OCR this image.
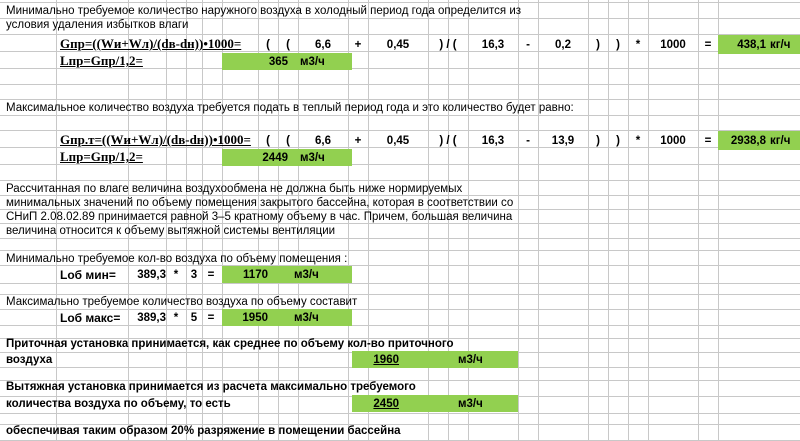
Минимально требуемое количество наружного воздуха в холодный период года определится из условия удаления избытков влаги
Gпр=((Wи+Wл)/(dв-dн))•1000=	(	(	6,6	+	0,45	) / (	16,3	-	0,2	)	)	*	1000	=	438,1 кг/ч
Lпр=Gпр/1,2=	365 м3/ч
Максимальное количество воздуха требуется подать в теплый период года и это количество будет равно:
Gпр.т=((Wи+Wл)/(dв-dн))•1000=	(	(	6,6	+	0,45	) / (	16,3	-	13,9	)	)	*	1000	=	2938,8 кг/ч
Lпр=Gпр/1,2=	2449 м3/ч
Рассчитанная по влаге величина воздухообмена не должна быть ниже нормируемых
минимальных значений по объему помещения закрытого бассейна, которая в соответствии со
СНиП 2.08.02.89 принимается равной 3–5 кратному объему в час. Причем, большая величина
величина относится к объему вытяжной системы вентиляции
Минимально требуемое кол-во воздуха по объему помещения :
Lоб мин=	389,3 *	3 =	1170 м3/ч
Максимально требуемое количество воздуха по объему составит
Lоб макс=	389,3 *	5 =	1950 м3/ч
Приточная установка принимается, как среднее по объему кол-во приточного
воздуха	1960	м3/ч
Вытяжная установка принимается из расчета максимально требуемого
количества воздуха по объему, то есть	2450	м3/ч
обеспечивая таким образом 20% разряжение в помещении бассейна
